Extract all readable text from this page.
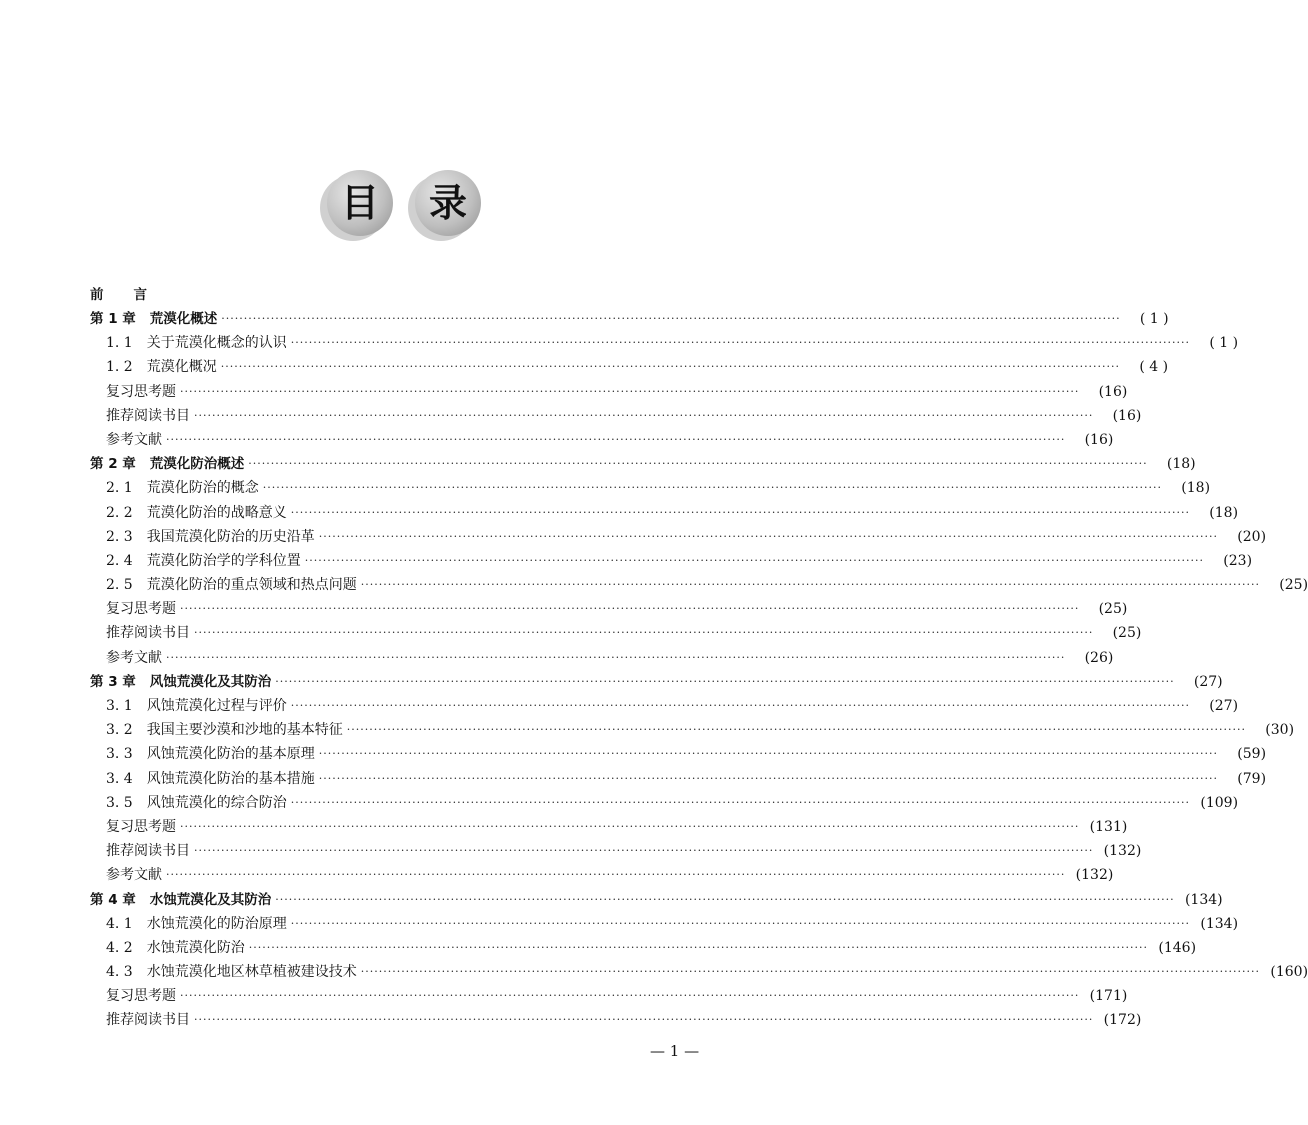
目	录
前 言
第 1 章 荒漠化概述 ········································································································································································································	( 1 )
1. 1 关于荒漠化概念的认识 ········································································································································································································	( 1 )
1. 2 荒漠化概况 ········································································································································································································	( 4 )
复习思考题 ········································································································································································································	(16)
推荐阅读书目 ········································································································································································································	(16)
参考文献 ········································································································································································································	(16)
第 2 章 荒漠化防治概述 ········································································································································································································	(18)
2. 1 荒漠化防治的概念 ········································································································································································································	(18)
2. 2 荒漠化防治的战略意义 ········································································································································································································	(18)
2. 3 我国荒漠化防治的历史沿革 ········································································································································································································	(20)
2. 4 荒漠化防治学的学科位置 ········································································································································································································	(23)
2. 5 荒漠化防治的重点领域和热点问题 ········································································································································································································	(25)
复习思考题 ········································································································································································································	(25)
推荐阅读书目 ········································································································································································································	(25)
参考文献 ········································································································································································································	(26)
第 3 章 风蚀荒漠化及其防治 ········································································································································································································	(27)
3. 1 风蚀荒漠化过程与评价 ········································································································································································································	(27)
3. 2 我国主要沙漠和沙地的基本特征 ········································································································································································································	(30)
3. 3 风蚀荒漠化防治的基本原理 ········································································································································································································	(59)
3. 4 风蚀荒漠化防治的基本措施 ········································································································································································································	(79)
3. 5 风蚀荒漠化的综合防治 ········································································································································································································ (109)
复习思考题 ········································································································································································································ (131)
推荐阅读书目 ········································································································································································································ (132)
参考文献 ········································································································································································································ (132)
第 4 章 水蚀荒漠化及其防治 ········································································································································································································ (134)
4. 1 水蚀荒漠化的防治原理 ········································································································································································································ (134)
4. 2 水蚀荒漠化防治 ········································································································································································································ (146)
4. 3 水蚀荒漠化地区林草植被建设技术 ········································································································································································································ (160)
复习思考题 ········································································································································································································ (171)
推荐阅读书目 ········································································································································································································ (172)
— 1 —
